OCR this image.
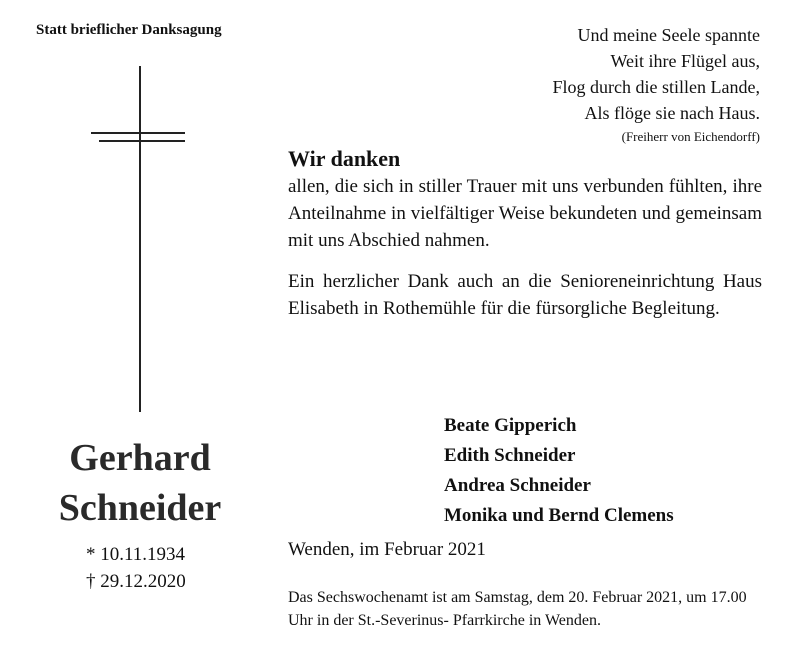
Statt brieflicher Danksagung	Und meine Seele spannte
Weit ihre Flügel aus,
Flog durch die stillen Lande,
Als flöge sie nach Haus.
(Freiherr von Eichendorff)
Gerhard
Schneider
* 10.11.1934
† 29.12.2020
Wir danken

allen, die sich in stiller Trauer mit uns verbunden fühlten, ihre Anteilnahme in vielfältiger Weise bekundeten und gemeinsam mit uns Abschied nahmen.

Ein herzlicher Dank auch an die Senioreneinrichtung Haus Elisabeth in Rothemühle für die fürsorgliche Begleitung.

Beate Gipperich
Edith Schneider
Andrea Schneider
Monika und Bernd Clemens
Wenden, im Februar 2021
Das Sechswochenamt ist am Samstag, dem 20. Februar 2021, um 17.00 Uhr in der St.-Severinus- Pfarrkirche in Wenden.
